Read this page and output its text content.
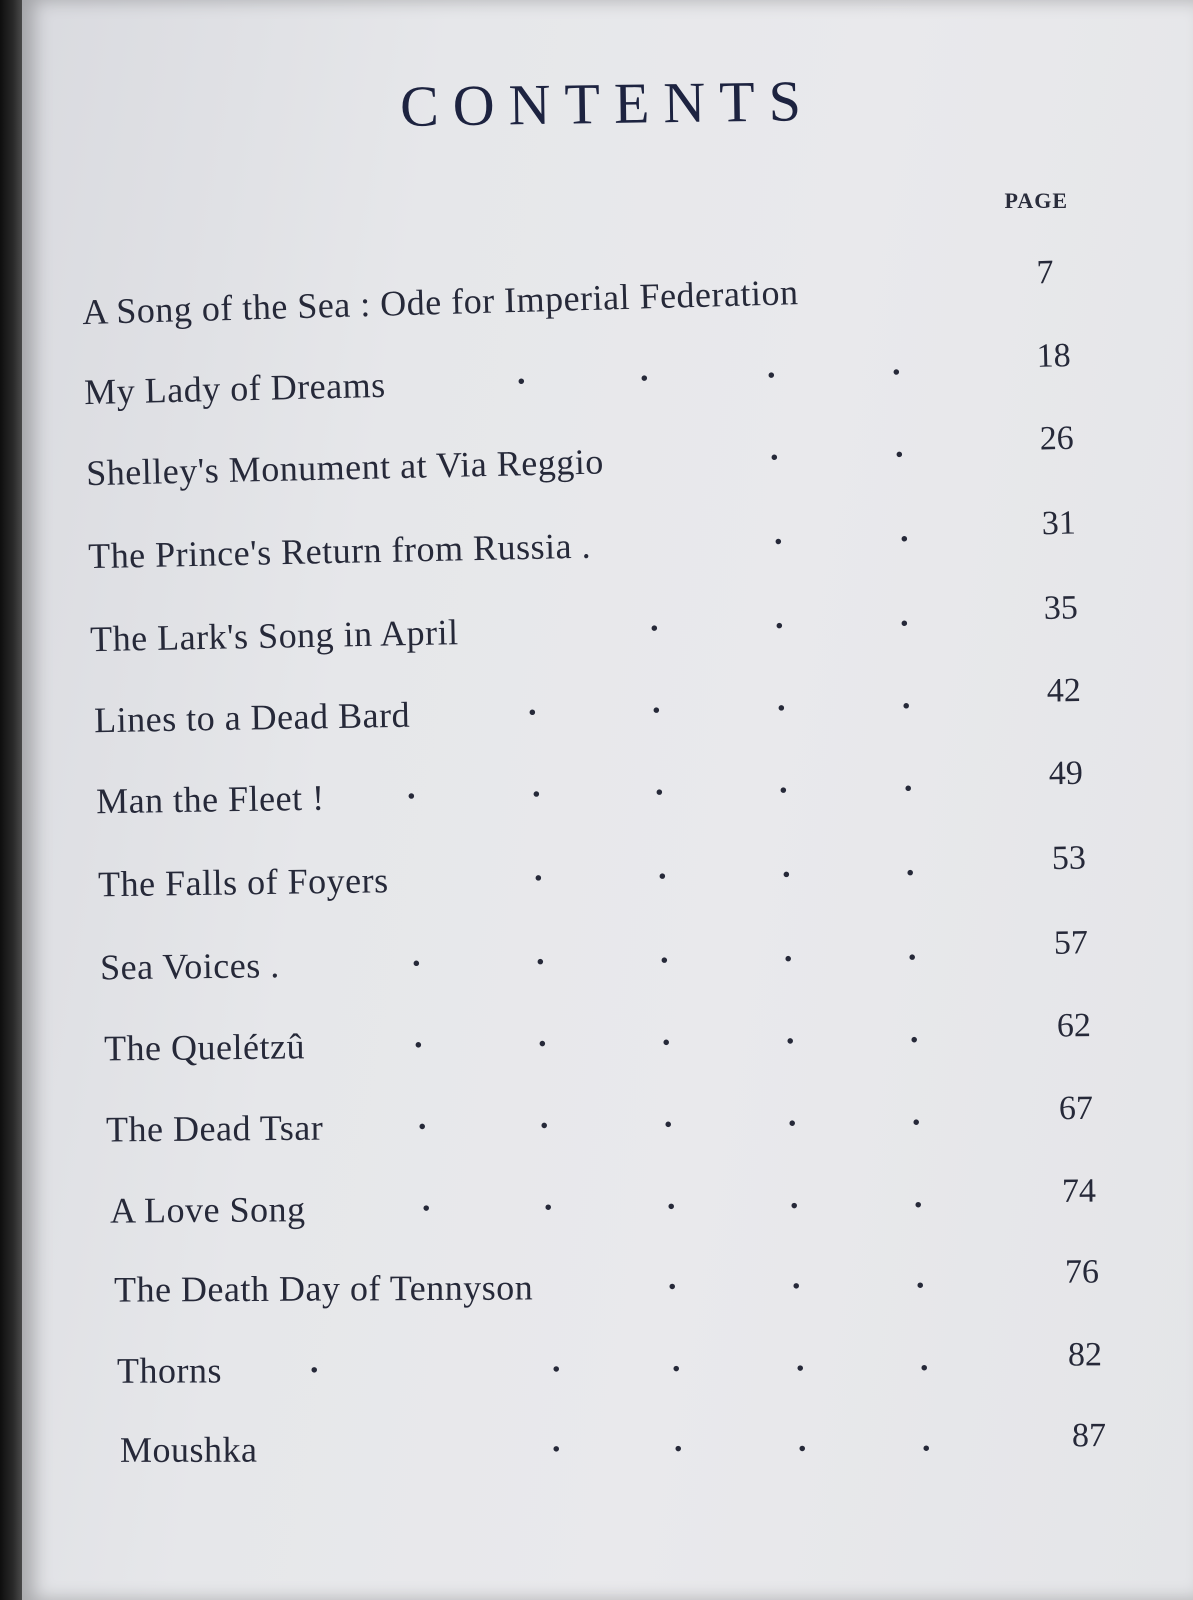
CONTENTS
PAGE
A Song of the Sea : Ode for Imperial Federation	7
My Lady of Dreams	.	.	.	.	18
Shelley's Monument at Via Reggio	.	.	26
The Prince's Return from Russia .	.	.	31
The Lark's Song in April	.	.	.	35
Lines to a Dead Bard	.	.	.	.	42
Man the Fleet ! .	.	.	.	.	49
The Falls of Foyers	.	.	.	.	53
Sea Voices .	.	.	.	.	.	57
The Quelétzû	.	.	.	.	.	62
The Dead Tsar	.	.	.	.	.	67
A Love Song	.	.	.	.	.	74
The Death Day of Tennyson	.	.	.	76
Thorns	.	.	.	.	.	82
Moushka	.	.	.	.	87
